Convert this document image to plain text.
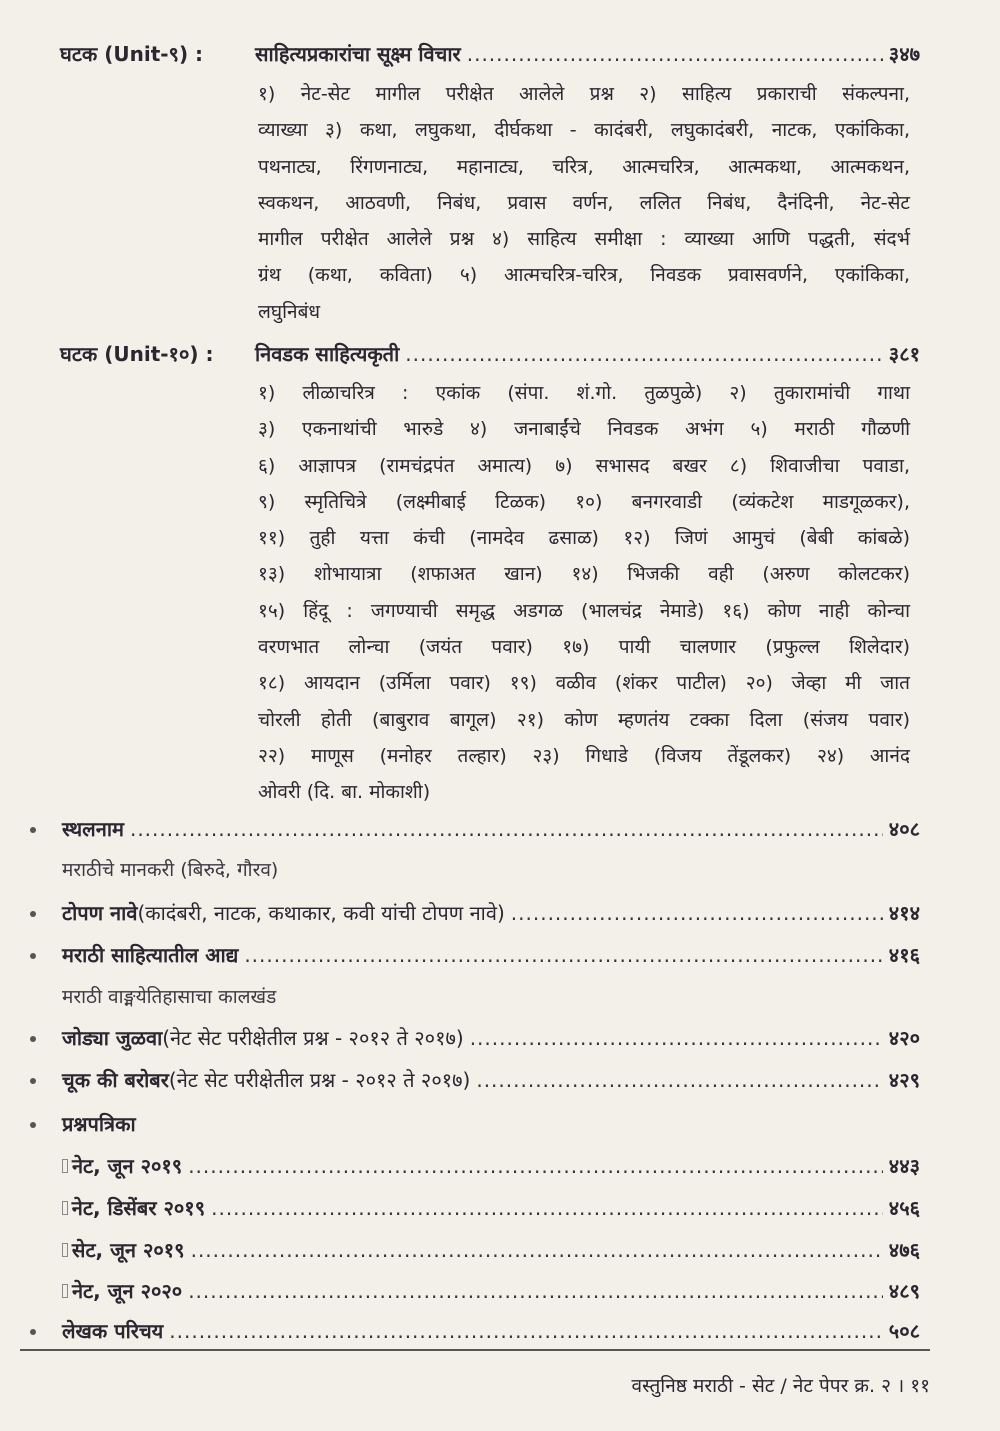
घटक (Unit-९) :	साहित्यप्रकारांचा सूक्ष्म विचार .....	३४७
१) नेट-सेट मागील परीक्षेत आलेले प्रश्न २) साहित्य प्रकाराची संकल्पना,
व्याख्या ३) कथा, लघुकथा, दीर्घकथा - कादंबरी, लघुकादंबरी, नाटक, एकांकिका,
पथनाट्य, रिंगणनाट्य, महानाट्य, चरित्र, आत्मचरित्र, आत्मकथा, आत्मकथन,
स्वकथन, आठवणी, निबंध, प्रवास वर्णन, ललित निबंध, दैनंदिनी, नेट-सेट
मागील परीक्षेत आलेले प्रश्न ४) साहित्य समीक्षा : व्याख्या आणि पद्धती, संदर्भ
ग्रंथ (कथा, कविता) ५) आत्मचरित्र-चरित्र, निवडक प्रवासवर्णने, एकांकिका,
लघुनिबंध
घटक (Unit-१०) :	निवडक साहित्यकृती .....	३८१
१) लीळाचरित्र : एकांक (संपा. शं.गो. तुळपुळे) २) तुकारामांची गाथा
३) एकनाथांची भारुडे ४) जनाबाईंचे निवडक अभंग ५) मराठी गौळणी
६) आज्ञापत्र (रामचंद्रपंत अमात्य) ७) सभासद बखर ८) शिवाजीचा पवाडा,
९) स्मृतिचित्रे (लक्ष्मीबाई टिळक) १०) बनगरवाडी (व्यंकटेश माडगूळकर),
११) तुही यत्ता कंची (नामदेव ढसाळ) १२) जिणं आमुचं (बेबी कांबळे)
१३) शोभायात्रा (शफाअत खान) १४) भिजकी वही (अरुण कोलटकर)
१५) हिंदू : जगण्याची समृद्ध अडगळ (भालचंद्र नेमाडे) १६) कोण नाही कोन्चा
वरणभात लोन्चा (जयंत पवार) १७) पायी चालणार (प्रफुल्ल शिलेदार)
१८) आयदान (उर्मिला पवार) १९) वळीव (शंकर पाटील) २०) जेव्हा मी जात
चोरली होती (बाबुराव बागूल) २१) कोण म्हणतंय टक्का दिला (संजय पवार)
२२) माणूस (मनोहर तल्हार) २३) गिधाडे (विजय तेंडूलकर) २४) आनंद
ओवरी (दि. बा. मोकाशी)
स्थलनाम .....	४०८
मराठीचे मानकरी (बिरुदे, गौरव)
टोपण नावे (कादंबरी, नाटक, कथाकार, कवी यांची टोपण नावे) .....	४१४
मराठी साहित्यातील आद्य .....	४१६
मराठी वाङ्मयेतिहासाचा कालखंड
जोड्या जुळवा (नेट सेट परीक्षेतील प्रश्न - २०१२ ते २०१७) .....	४२०
चूक की बरोबर (नेट सेट परीक्षेतील प्रश्न - २०१२ ते २०१७) .....	४२९
प्रश्नपत्रिका
नेट, जून २०१९ .....	४४३
नेट, डिसेंबर २०१९ .....	४५६
सेट, जून २०१९ .....	४७६
नेट, जून २०२० .....	४८९
लेखक परिचय .....	५०८
वस्तुनिष्ठ मराठी - सेट / नेट पेपर क्र. २ । ११
